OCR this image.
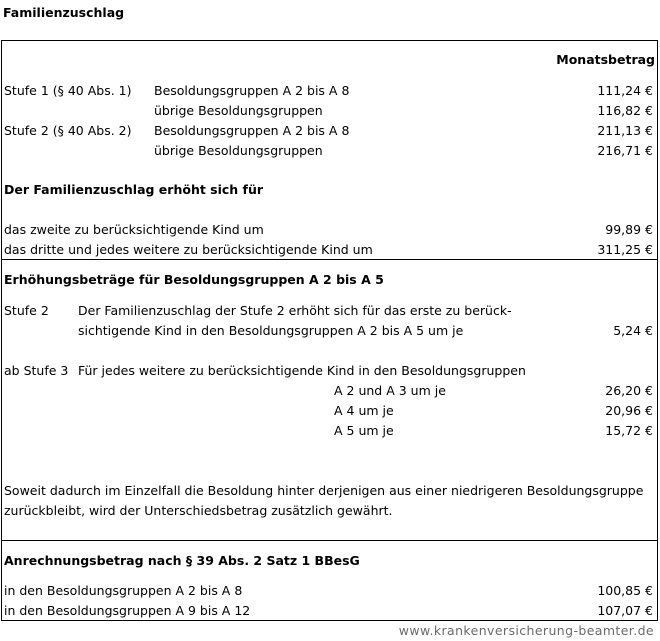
Familienzuschlag
Monatsbetrag
Stufe 1 (§ 40 Abs. 1) Besoldungsgruppen A 2 bis A 8	111,24 €
übrige Besoldungsgruppen	116,82 €
Stufe 2 (§ 40 Abs. 2) Besoldungsgruppen A 2 bis A 8	211,13 €
übrige Besoldungsgruppen	216,71 €
Der Familienzuschlag erhöht sich für
das zweite zu berücksichtigende Kind um	99,89 €
das dritte und jedes weitere zu berücksichtigende Kind um	311,25 €
Erhöhungsbeträge für Besoldungsgruppen A 2 bis A 5
Stufe 2 Der Familienzuschlag der Stufe 2 erhöht sich für das erste zu berück-
sichtigende Kind in den Besoldungsgruppen A 2 bis A 5 um je	5,24 €
ab Stufe 3 Für jedes weitere zu berücksichtigende Kind in den Besoldungsgruppen
A 2 und A 3 um je	26,20 €
A 4 um je	20,96 €
A 5 um je	15,72 €
Soweit dadurch im Einzelfall die Besoldung hinter derjenigen aus einer niedrigeren Besoldungsgruppe
zurückbleibt, wird der Unterschiedsbetrag zusätzlich gewährt.
Anrechnungsbetrag nach § 39 Abs. 2 Satz 1 BBesG
in den Besoldungsgruppen A 2 bis A 8	100,85 €
in den Besoldungsgruppen A 9 bis A 12	107,07 €
www.krankenversicherung-beamter.de
